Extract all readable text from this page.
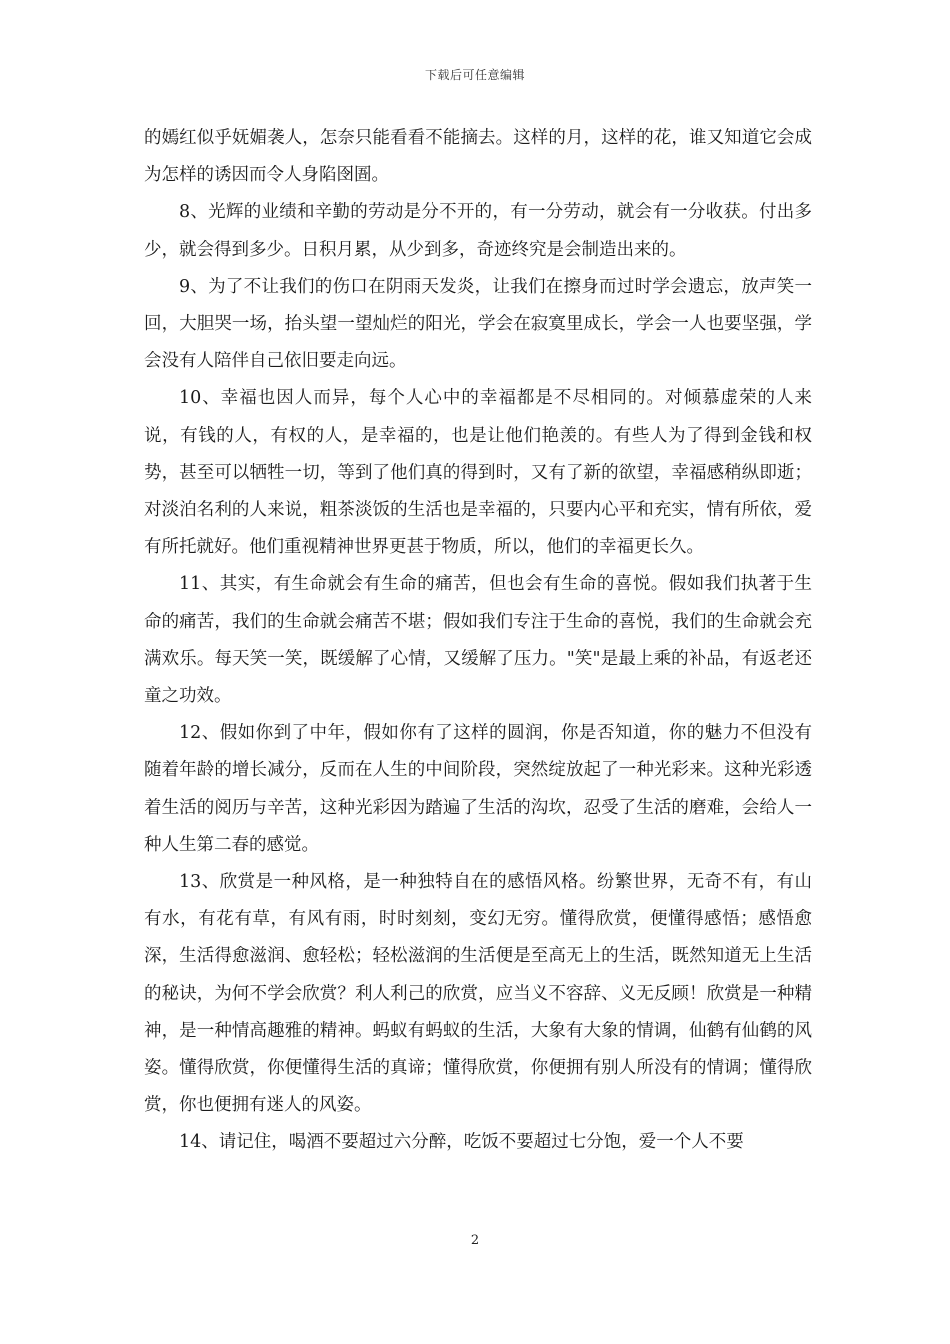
下载后可任意编辑

的嫣红似乎妩媚袭人，怎奈只能看看不能摘去。这样的月，这样的花，谁又知道它会成为怎样的诱因而令人身陷囹圄。

8、光辉的业绩和辛勤的劳动是分不开的，有一分劳动，就会有一分收获。付出多少，就会得到多少。日积月累，从少到多，奇迹终究是会制造出来的。

9、为了不让我们的伤口在阴雨天发炎，让我们在擦身而过时学会遗忘，放声笑一回，大胆哭一场，抬头望一望灿烂的阳光，学会在寂寞里成长，学会一人也要坚强，学会没有人陪伴自己依旧要走向远。

10、幸福也因人而异，每个人心中的幸福都是不尽相同的。对倾慕虚荣的人来说，有钱的人，有权的人，是幸福的，也是让他们艳羡的。有些人为了得到金钱和权势，甚至可以牺牲一切，等到了他们真的得到时，又有了新的欲望，幸福感稍纵即逝；对淡泊名利的人来说，粗茶淡饭的生活也是幸福的，只要内心平和充实，情有所依，爱有所托就好。他们重视精神世界更甚于物质，所以，他们的幸福更长久。

11、其实，有生命就会有生命的痛苦，但也会有生命的喜悦。假如我们执著于生命的痛苦，我们的生命就会痛苦不堪；假如我们专注于生命的喜悦，我们的生命就会充满欢乐。每天笑一笑，既缓解了心情，又缓解了压力。"笑"是最上乘的补品，有返老还童之功效。

12、假如你到了中年，假如你有了这样的圆润，你是否知道，你的魅力不但没有随着年龄的增长减分，反而在人生的中间阶段，突然绽放起了一种光彩来。这种光彩透着生活的阅历与辛苦，这种光彩因为踏遍了生活的沟坎，忍受了生活的磨难，会给人一种人生第二春的感觉。

13、欣赏是一种风格，是一种独特自在的感悟风格。纷繁世界，无奇不有，有山有水，有花有草，有风有雨，时时刻刻，变幻无穷。懂得欣赏，便懂得感悟；感悟愈深，生活得愈滋润、愈轻松；轻松滋润的生活便是至高无上的生活，既然知道无上生活的秘诀，为何不学会欣赏？利人利己的欣赏，应当义不容辞、义无反顾！欣赏是一种精神，是一种情高趣雅的精神。蚂蚁有蚂蚁的生活，大象有大象的情调，仙鹤有仙鹤的风姿。懂得欣赏，你便懂得生活的真谛；懂得欣赏，你便拥有别人所没有的情调；懂得欣赏，你也便拥有迷人的风姿。

14、请记住，喝酒不要超过六分醉，吃饭不要超过七分饱，爱一个人不要

2
